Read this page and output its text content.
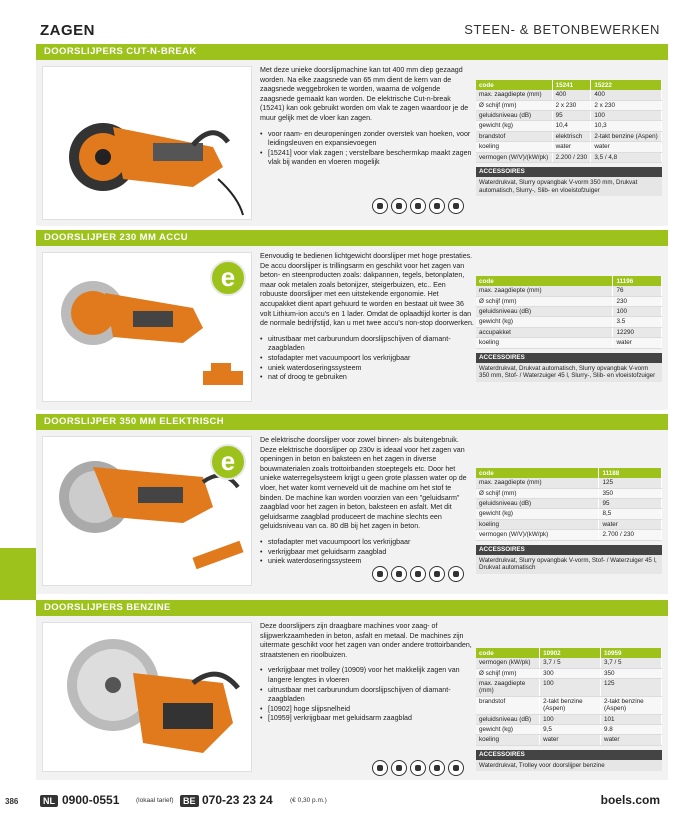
ZAGEN	STEEN- & BETONBEWERKEN
386
DOORSLIJPERS CUT-N-BREAK

Met deze unieke doorslijpmachine kan tot 400 mm diep gezaagd worden. Na elke zaagsnede van 65 mm dient de kern van de zaagsnede weggebroken te worden, waarna de volgende zaagsnede gemaakt kan worden. De elektrische Cut-n-break (15241) kan ook gebruikt worden om vlak te zagen waardoor je de muur gelijk met de vloer kan zagen.

• voor raam- en deuropeningen zonder overstek van hoeken, voor leidingsleuven en expansievoegen
• [15241] voor vlak zagen ; verstelbare beschermkap maakt zagen vlak bij wanden en vloeren mogelijk
code	15241	15222
max. zaagdiepte (mm)	400	400
Ø schijf (mm)	2 x 230	2 x 230
geluidsniveau (dB)	95	100
gewicht (kg)	10,4	10,3
brandstof	elektrisch	2-takt benzine (Aspen)
koeling	water	water
vermogen (W/V)/(kW/pk)	2.200 / 230	3,5 / 4,8
ACCESSOIRES
Waterdrukvat, Slurry opvangbak V-vorm 350 mm, Drukvat automatisch, Slurry-, Slib- en vloeistofzuiger
DOORSLIJPER 230 MM ACCU
e

Eenvoudig te bedienen lichtgewicht doorslijper met hoge prestaties. De accu doorslijper is trillingsarm en geschikt voor het zagen van beton- en steenproducten zoals: dakpannen, tegels, betonplaten, maar ook metalen zoals betonijzer, steigerbuizen, etc.. Een robuuste doorslijper met een uitstekende ergonomie. Het accupakket dient apart gehuurd te worden en bestaat uit twee 36 volt Lithium-ion accu's en 1 lader. Omdat de oplaadtijd korter is dan de normale bedrijfstijd, kan u met twee accu's non-stop doorwerken.

• uitrustbaar met carburundum doorslijpschijven of diamant-zaagbladen
• stofadapter met vacuumpoort los verkrijgbaar
• uniek waterdoseringssysteem
• nat of droog te gebruiken
code	11196
max. zaagdiepte (mm)	76
Ø schijf (mm)	230
geluidsniveau (dB)	100
gewicht (kg)	3.5
accupakket	12290
koeling	water
ACCESSOIRES
Waterdrukvat, Drukvat automatisch, Slurry opvangbak V-vorm 350 mm, Stof- / Waterzuiger 45 l, Slurry-, Slib- en vloeistofzuiger
DOORSLIJPER 350 MM ELEKTRISCH
e

De elektrische doorslijper voor zowel binnen- als buitengebruik. Deze elektrische doorslijper op 230v is ideaal voor het zagen van openingen in beton en baksteen en het zagen in diverse bouwmaterialen zoals trottoirbanden stoeptegels etc. Door het unieke waterregelsysteem krijgt u geen grote plassen water op de vloer, het water komt verneveld uit de machine om het stof te binden. De machine kan worden voorzien van een "geluidsarm" zaagblad voor het zagen in beton, baksteen en asfalt. Met dit geluidsarme zaagblad produceert de machine slechts een geluidsniveau van ca. 80 dB bij het zagen in beton.

• stofadapter met vacuumpoort los verkrijgbaar
• verkrijgbaar met geluidsarm zaagblad
• uniek waterdoseringssysteem
code	11188
max. zaagdiepte (mm)	125
Ø schijf (mm)	350
geluidsniveau (dB)	95
gewicht (kg)	8,5
koeling	water
vermogen (W/V)/(kW/pk)	2.700 / 230
ACCESSOIRES
Waterdrukvat, Slurry opvangbak V-vorm, Stof- / Waterzuiger 45 l, Drukvat automatisch
DOORSLIJPERS BENZINE

Deze doorslijpers zijn draagbare machines voor zaag- of slijpwerkzaamheden in beton, asfalt en metaal. De machines zijn uitermate geschikt voor het zagen van onder andere trottoirbanden, straatstenen en rioolbuizen.

• verkrijgbaar met trolley (10909) voor het makkelijk zagen van langere lengtes in vloeren
• uitrustbaar met carburundum doorslijpschijven of diamant-zaagbladen
• [10902] hoge slijpsnelheid
• [10959] verkrijgbaar met geluidsarm zaagblad
code	10902	10959
vermogen (kW/pk)	3,7 / 5	3,7 / 5
Ø schijf (mm)	300	350
max. zaagdiepte (mm)	100	125
brandstof	2-takt benzine (Aspen)	2-takt benzine (Aspen)
geluidsniveau (dB)	100	101
gewicht (kg)	9,5	9.8
koeling	water	water
ACCESSOIRES
Waterdrukvat, Trolley voor doorslijper benzine
NL 0900-0551	(lokaal tarief)	BE 070-23 23 24	(€ 0,30 p.m.)	boels.com
